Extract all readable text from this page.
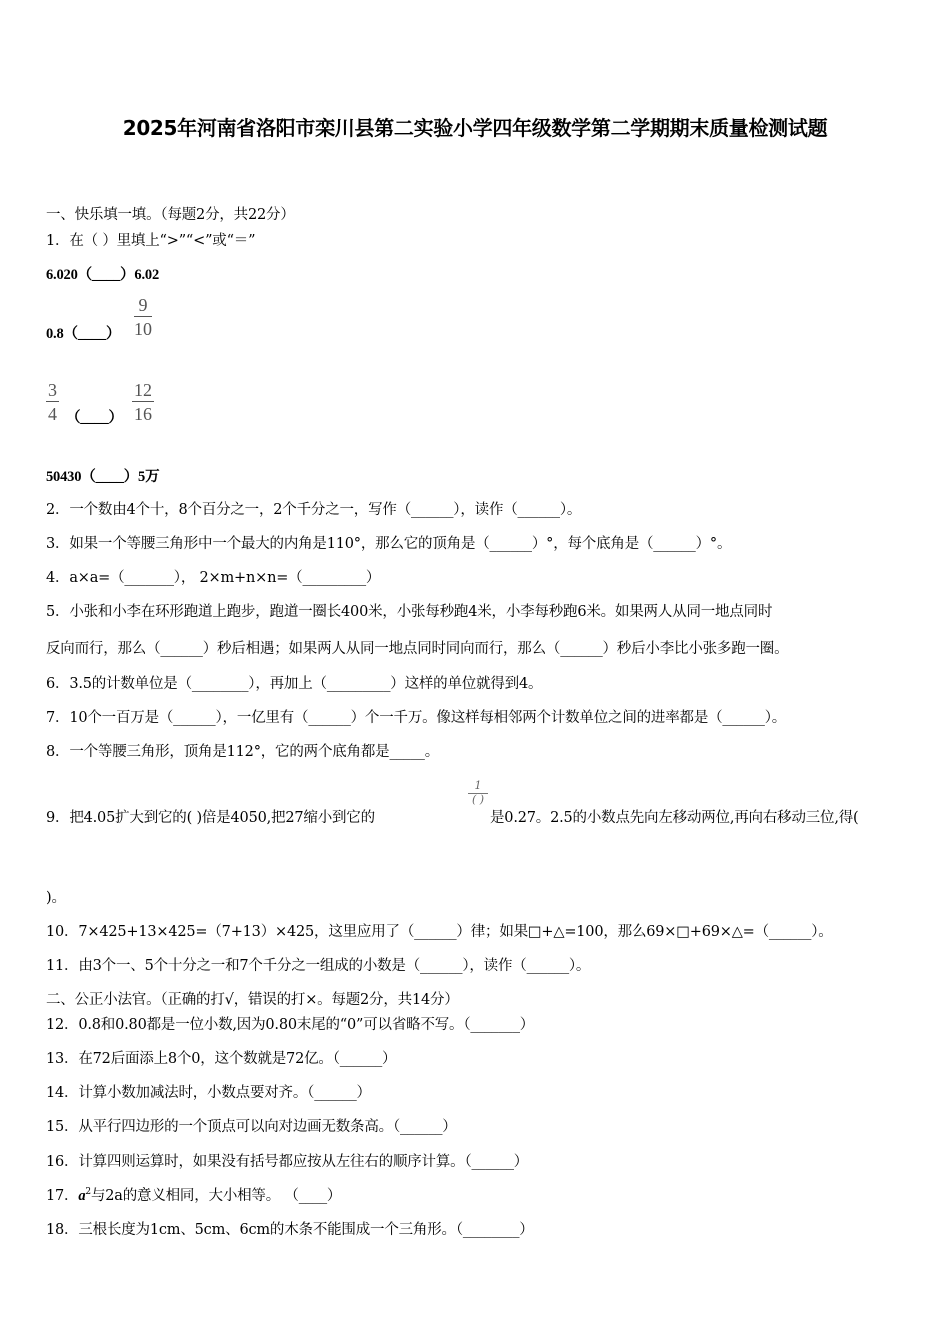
2025年河南省洛阳市栾川县第二实验小学四年级数学第二学期期末质量检测试题
一、快乐填一填。（每题2分，共22分）
1．在（ ）里填上“>”“<”或“＝”
6.020（____）6.02
0.8（____）
9
10
3
4 （____）
12
16
50430（____）5万
2．一个数由4个十，8个百分之一，2个千分之一，写作（______），读作（______）。
3．如果一个等腰三角形中一个最大的内角是110°，那么它的顶角是（______）°，每个底角是（______）°。
4．a×a=（_______）， 2×m+n×n=（_________）
5．小张和小李在环形跑道上跑步，跑道一圈长400米，小张每秒跑4米，小李每秒跑6米。如果两人从同一地点同时
反向而行，那么（______）秒后相遇；如果两人从同一地点同时同向而行，那么（______）秒后小李比小张多跑一圈。
6．3.5的计数单位是（________），再加上（_________）这样的单位就得到4。
7．10个一百万是（______），一亿里有（______）个一千万。像这样每相邻两个计数单位之间的进率都是（______）。
8．一个等腰三角形，顶角是112°，它的两个底角都是_____。
9．把4.05扩大到它的( )倍是4050,把27缩小到它的
1
( )
是0.27。2.5的小数点先向左移动两位,再向右移动三位,得(
)。
10．7×425+13×425=（7+13）×425，这里应用了（______）律；如果□+△=100，那么69×□+69×△=（______）。
11．由3个一、5个十分之一和7个千分之一组成的小数是（______），读作（______）。
二、公正小法官。（正确的打√，错误的打×。每题2分，共14分）
12．0.8和0.80都是一位小数,因为0.80末尾的“0”可以省略不写。（_______）
13．在72后面添上8个0，这个数就是72亿。（______）
14．计算小数加减法时，小数点要对齐。（______）
15．从平行四边形的一个顶点可以向对边画无数条高。（______）
16．计算四则运算时，如果没有括号都应按从左往右的顺序计算。（______）
17．$a^2$与2a的意义相同，大小相等。 （____）
18．三根长度为1cm、5cm、6cm的木条不能围成一个三角形。（________）
